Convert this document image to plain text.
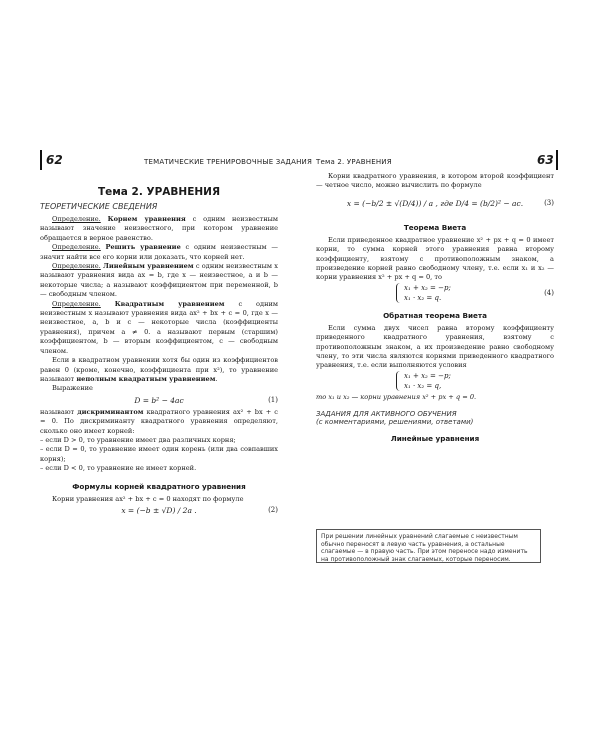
62	ТЕМАТИЧЕСКИЕ ТРЕНИРОВОЧНЫЕ ЗАДАНИЯ Тема 2. УРАВНЕНИЯ	63

Тема 2. УРАВНЕНИЯ

ТЕОРЕТИЧЕСКИЕ СВЕДЕНИЯ

Определение. Корнем уравнения с одним неизвестным называют значение неизвестного, при котором уравнение обращается в верное равенство.

Определение. Решить уравнение с одним неизвестным — значит найти все его корни или доказать, что корней нет.

Определение. Линейным уравнением с одним неизвестным x называют уравнения вида ax = b, где x — неизвестное, a и b — некоторые числа; a называют коэффициентом при переменной, b — свободным членом.

Определение. Квадратным уравнением с одним неизвестным x называют уравнения вида ax² + bx + c = 0, где x — неизвестное, a, b и c — некоторые числа (коэффициенты уравнения), причем a ≠ 0. a называют первым (старшим) коэффициентом, b — вторым коэффициентом, c — свободным членом.

Если в квадратном уравнении хотя бы один из коэффициентов равен 0 (кроме, конечно, коэффициента при x²), то уравнение называют неполным квадратным уравнением.

Выражение

D = b² − 4ac	(1)

называют дискриминантом квадратного уравнения ax² + bx + c = 0. По дискриминанту квадратного уравнения определяют, сколько оно имеет корней:

– если D > 0, то уравнение имеет два различных корня;

– если D = 0, то уравнение имеет один корень (или два совпавших корня);

– если D < 0, то уравнение не имеет корней.

Формулы корней квадратного уравнения

Корни уравнения ax² + bx + c = 0 находят по формуле

x = (−b ± √D) / 2a .	(2)

Корни квадратного уравнения, в котором второй коэффициент — четное число, можно вычислить по формуле

x = (−b/2 ± √(D/4)) / a , где D/4 = (b/2)² − ac.	(3)

Теорема Виета

Если приведенное квадратное уравнение x² + px + q = 0 имеет корни, то сумма корней этого уравнения равна второму коэффициенту, взятому с противоположным знаком, а произведение корней равно свободному члену, т.е. если x₁ и x₂ — корни уравнения x² + px + q = 0, то

x₁ + x₂ = −p;
x₁ · x₂ = q.
(4)

Обратная теорема Виета

Если сумма двух чисел равна второму коэффициенту приведенного квадратного уравнения, взятому с противоположным знаком, а их произведение равно свободному члену, то эти числа являются корнями приведенного квадратного уравнения, т.е. если выполняются условия

x₁ + x₂ = −p;
x₁ · x₂ = q,

то x₁ и x₂ — корни уравнения x² + px + q = 0.

ЗАДАНИЯ ДЛЯ АКТИВНОГО ОБУЧЕНИЯ

(с комментариями, решениями, ответами)

Линейные уравнения

При решении линейных уравнений слагаемые с неизвестным обычно переносят в левую часть уравнения, а остальные слагаемые — в правую часть. При этом переносе надо изменить на противоположный знак слагаемых, которые переносим.
